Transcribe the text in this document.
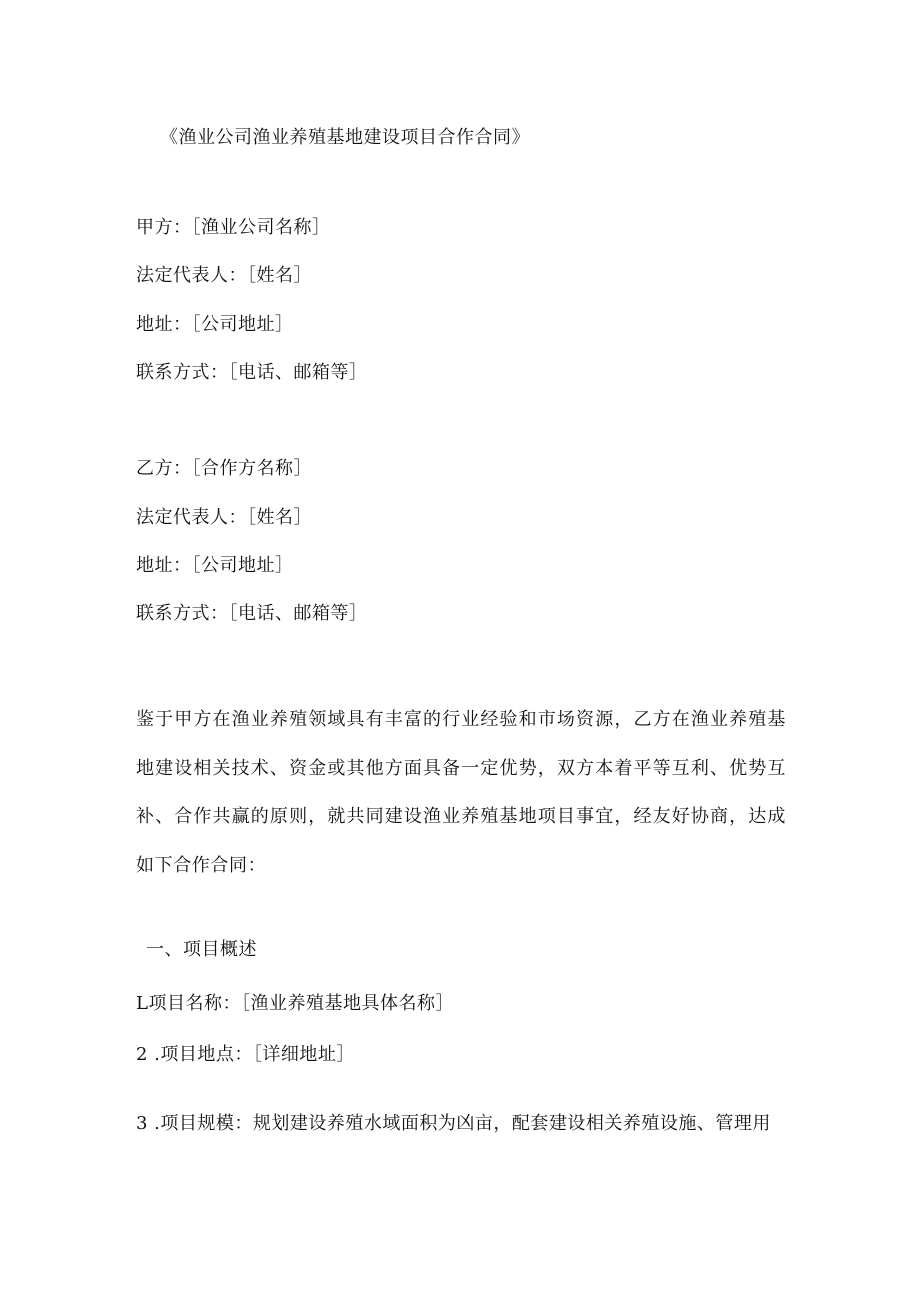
《渔业公司渔业养殖基地建设项目合作合同》
甲方：［渔业公司名称］
法定代表人：［姓名］
地址：［公司地址］
联系方式：［电话、邮箱等］
乙方：［合作方名称］
法定代表人：［姓名］
地址：［公司地址］
联系方式：［电话、邮箱等］
鉴于甲方在渔业养殖领域具有丰富的行业经验和市场资源，乙方在渔业养殖基地建设相关技术、资金或其他方面具备一定优势，双方本着平等互利、优势互补、合作共赢的原则，就共同建设渔业养殖基地项目事宜，经友好协商，达成如下合作合同：
一、项目概述
L项目名称：［渔业养殖基地具体名称］
2 .项目地点：［详细地址］
3 .项目规模：规划建设养殖水域面积为凶亩，配套建设相关养殖设施、管理用
